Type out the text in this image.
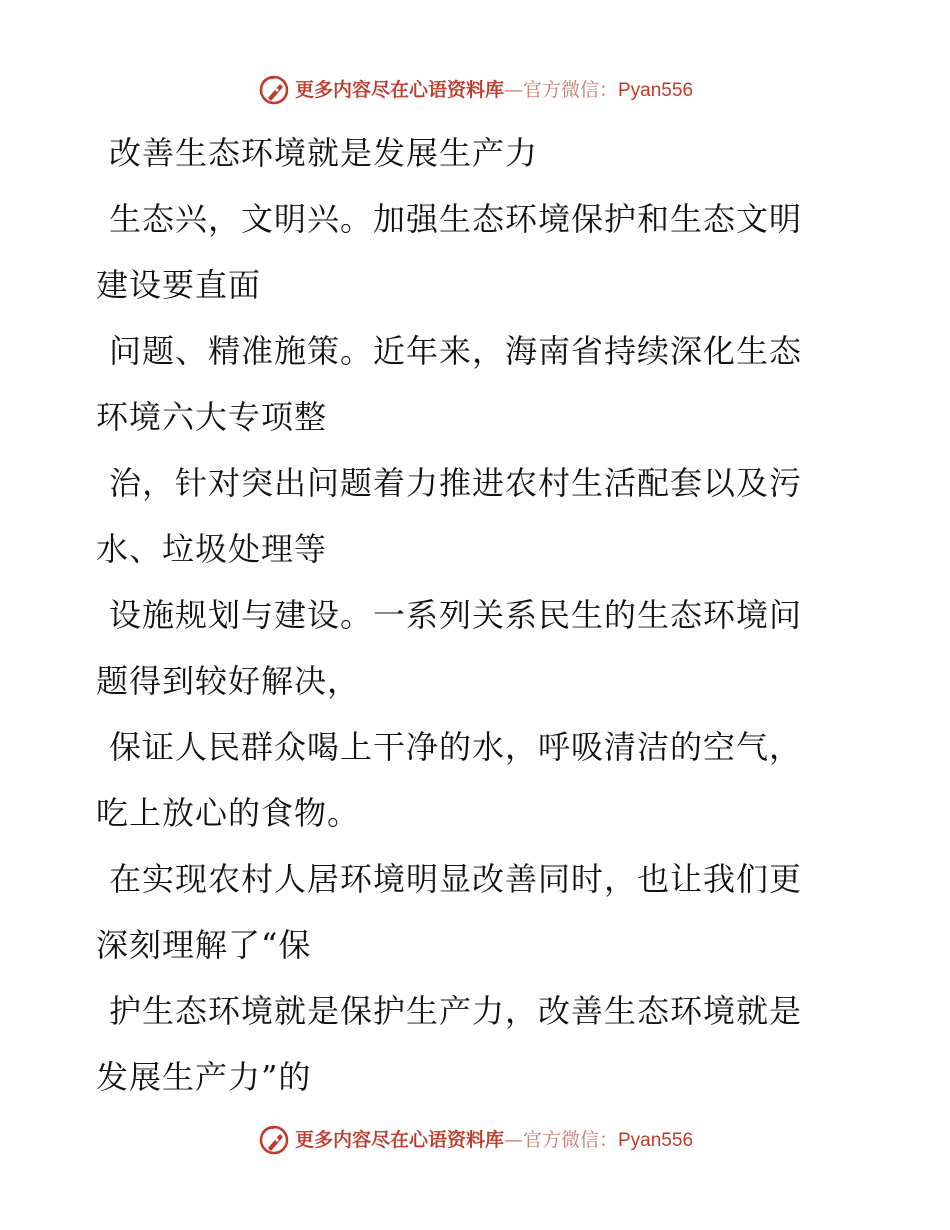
更多内容尽在心语资料库—官方微信：Pyan556

改善生态环境就是发展生产力

生态兴，文明兴。加强生态环境保护和生态文明
建设要直面

问题、精准施策。近年来，海南省持续深化生态
环境六大专项整

治，针对突出问题着力推进农村生活配套以及污
水、垃圾处理等

设施规划与建设。一系列关系民生的生态环境问
题得到较好解决，

保证人民群众喝上干净的水，呼吸清洁的空气，
吃上放心的食物。

在实现农村人居环境明显改善同时，也让我们更
深刻理解了“保

护生态环境就是保护生产力，改善生态环境就是
发展生产力”的

更多内容尽在心语资料库—官方微信：Pyan556
